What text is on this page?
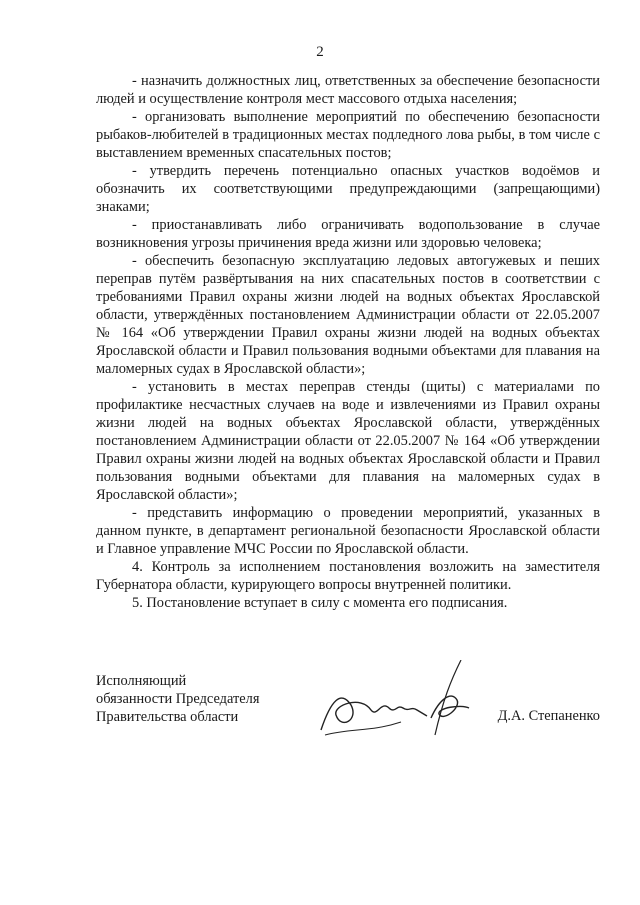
2

- назначить должностных лиц, ответственных за обеспечение безопасности людей и осуществление контроля мест массового отдыха населения;

- организовать выполнение мероприятий по обеспечению безопасности рыбаков-любителей в традиционных местах подледного лова рыбы, в том числе с выставлением временных спасательных постов;

- утвердить перечень потенциально опасных участков водоёмов и обозначить их соответствующими предупреждающими (запрещающими) знаками;

- приостанавливать либо ограничивать водопользование в случае возникновения угрозы причинения вреда жизни или здоровью человека;

- обеспечить безопасную эксплуатацию ледовых автогужевых и пеших переправ путём развёртывания на них спасательных постов в соответствии с требованиями Правил охраны жизни людей на водных объектах Ярославской области, утверждённых постановлением Администрации области от 22.05.2007 № 164 «Об утверждении Правил охраны жизни людей на водных объектах Ярославской области и Правил пользования водными объектами для плавания на маломерных судах в Ярославской области»;

- установить в местах переправ стенды (щиты) с материалами по профилактике несчастных случаев на воде и извлечениями из Правил охраны жизни людей на водных объектах Ярославской области, утверждённых постановлением Администрации области от 22.05.2007 № 164 «Об утверждении Правил охраны жизни людей на водных объектах Ярославской области и Правил пользования водными объектами для плавания на маломерных судах в Ярославской области»;

- представить информацию о проведении мероприятий, указанных в данном пункте, в департамент региональной безопасности Ярославской области и Главное управление МЧС России по Ярославской области.

4. Контроль за исполнением постановления возложить на заместителя Губернатора области, курирующего вопросы внутренней политики.

5. Постановление вступает в силу с момента его подписания.

Исполняющий
обязанности Председателя
Правительства области	Д.А. Степаненко
